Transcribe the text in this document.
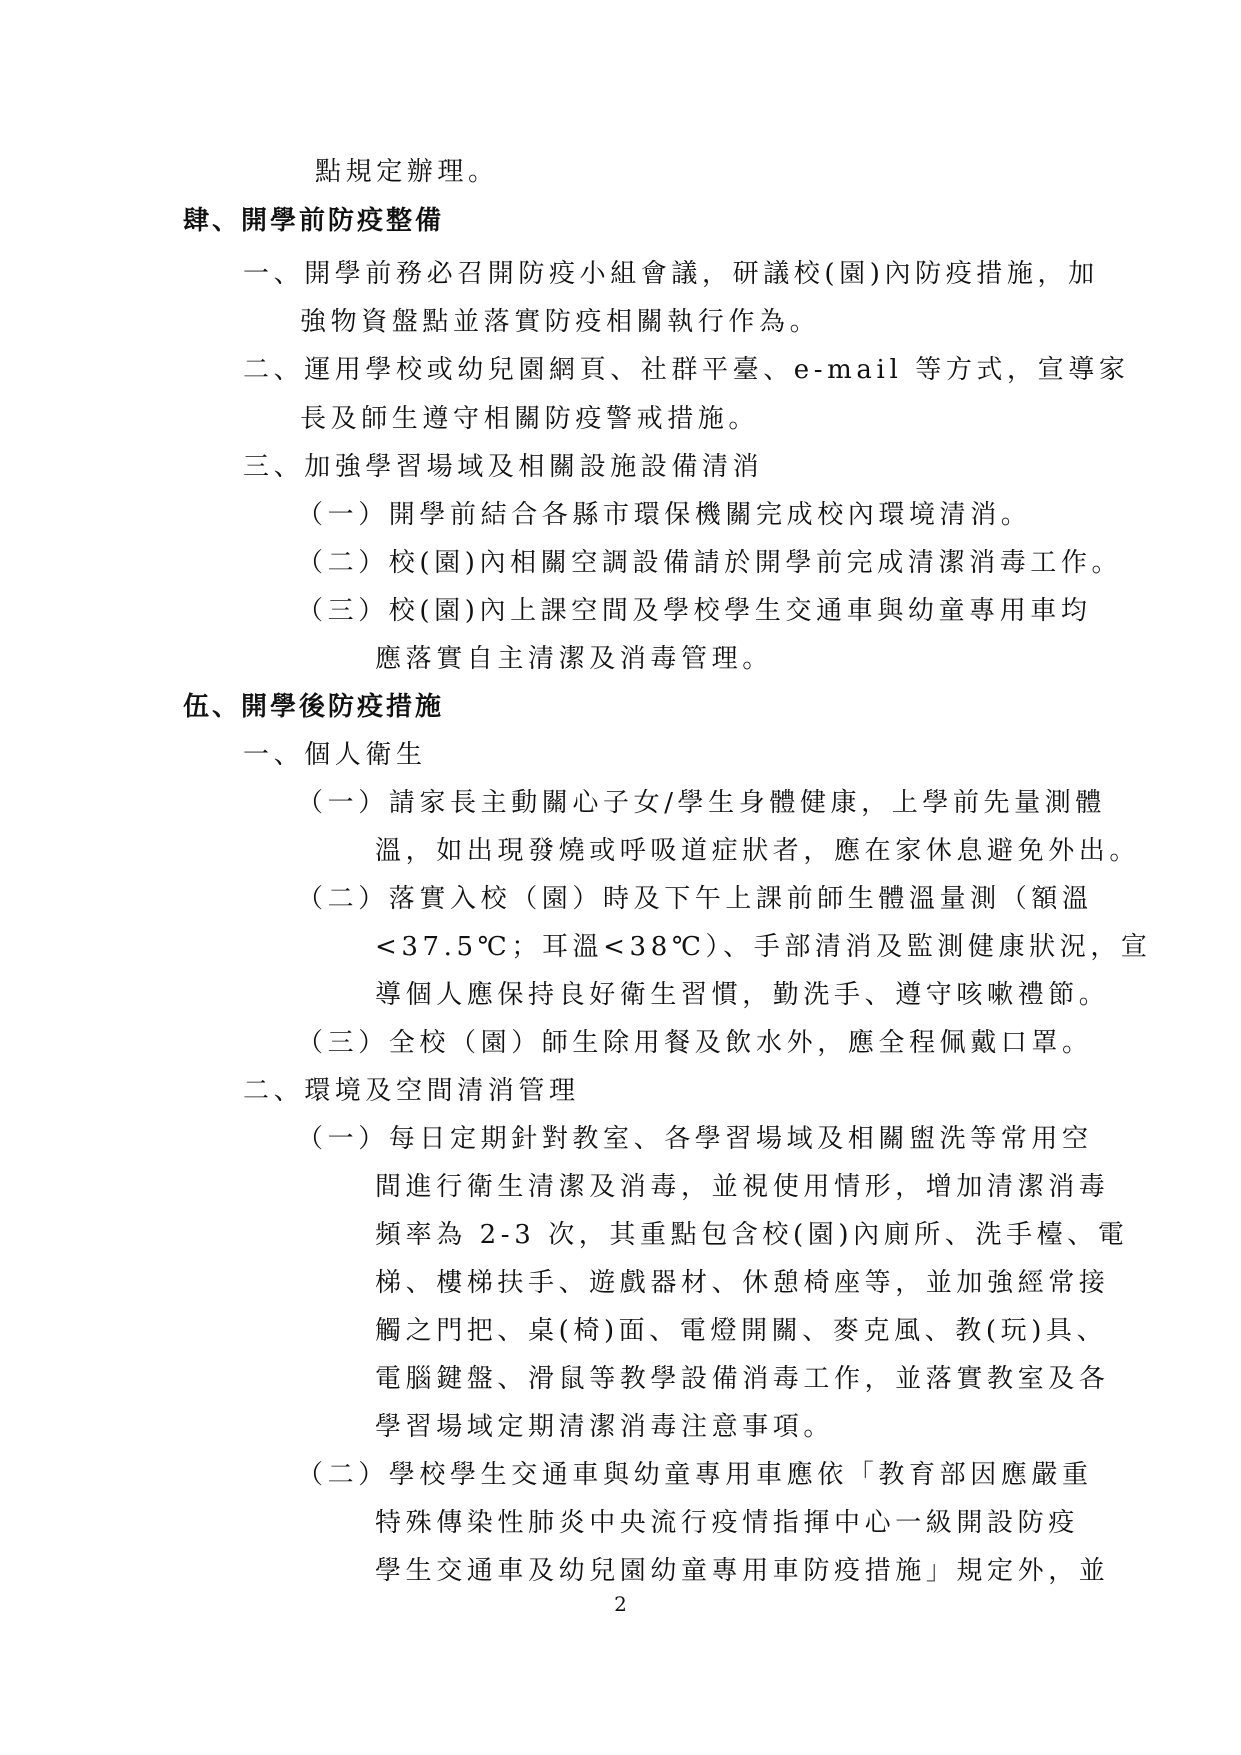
點規定辦理。
肆、開學前防疫整備
一、開學前務必召開防疫小組會議，研議校(園)內防疫措施，加
強物資盤點並落實防疫相關執行作為。
二、運用學校或幼兒園網頁、社群平臺、e-mail 等方式，宣導家
長及師生遵守相關防疫警戒措施。
三、加強學習場域及相關設施設備清消
（一）開學前結合各縣市環保機關完成校內環境清消。
（二）校(園)內相關空調設備請於開學前完成清潔消毒工作。
（三）校(園)內上課空間及學校學生交通車與幼童專用車均
應落實自主清潔及消毒管理。
伍、開學後防疫措施
一、個人衛生
（一）請家長主動關心子女/學生身體健康，上學前先量測體
溫，如出現發燒或呼吸道症狀者，應在家休息避免外出。
（二）落實入校（園）時及下午上課前師生體溫量測（額溫
<37.5℃；耳溫<38℃）、手部清消及監測健康狀況，宣
導個人應保持良好衛生習慣，勤洗手、遵守咳嗽禮節。
（三）全校（園）師生除用餐及飲水外，應全程佩戴口罩。
二、環境及空間清消管理
（一）每日定期針對教室、各學習場域及相關盥洗等常用空
間進行衛生清潔及消毒，並視使用情形，增加清潔消毒
頻率為 2-3 次，其重點包含校(園)內廁所、洗手檯、電
梯、樓梯扶手、遊戲器材、休憩椅座等，並加強經常接
觸之門把、桌(椅)面、電燈開關、麥克風、教(玩)具、
電腦鍵盤、滑鼠等教學設備消毒工作，並落實教室及各
學習場域定期清潔消毒注意事項。
（二）學校學生交通車與幼童專用車應依「教育部因應嚴重
特殊傳染性肺炎中央流行疫情指揮中心一級開設防疫
學生交通車及幼兒園幼童專用車防疫措施」規定外，並
2
